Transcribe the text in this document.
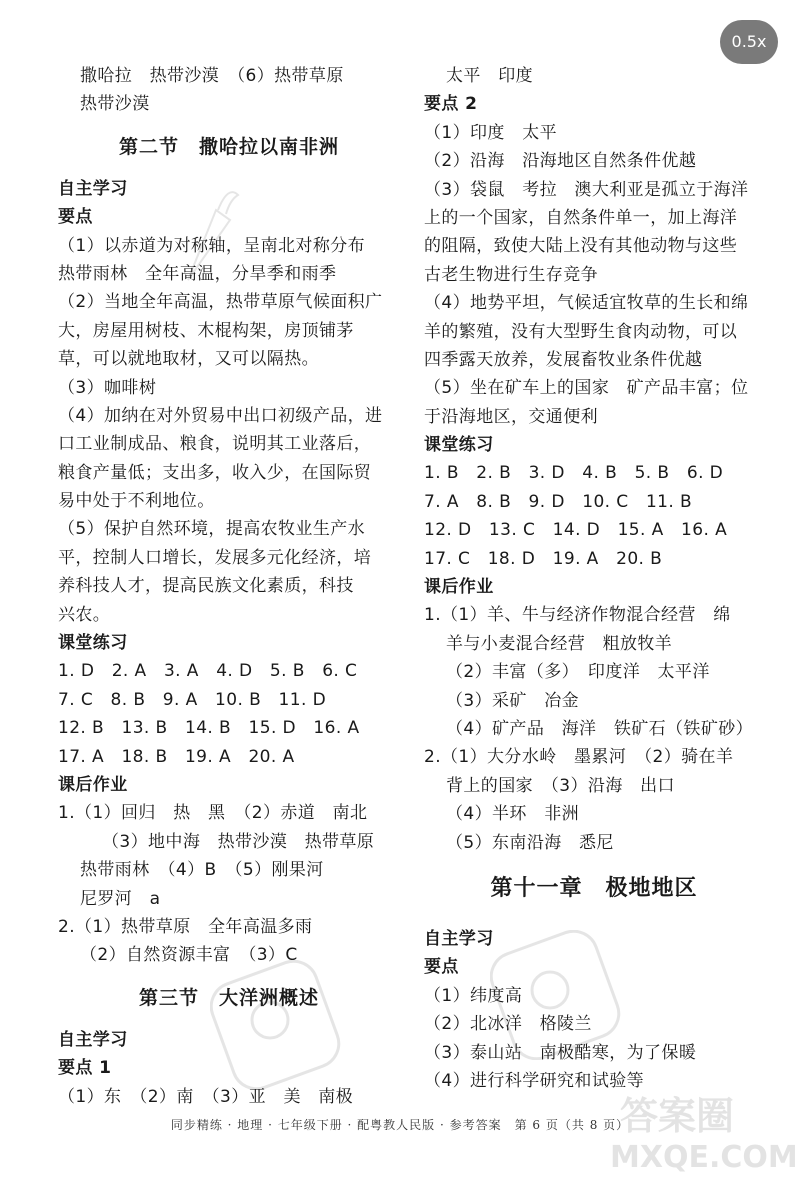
0.5x
撒哈拉　热带沙漠　（6）热带草原
热带沙漠
第二节　撒哈拉以南非洲
自主学习
要点
（1）以赤道为对称轴，呈南北对称分布
热带雨林　全年高温，分旱季和雨季
（2）当地全年高温，热带草原气候面积广
大，房屋用树枝、木棍构架，房顶铺茅
草，可以就地取材，又可以隔热。
（3）咖啡树
（4）加纳在对外贸易中出口初级产品，进
口工业制成品、粮食，说明其工业落后，
粮食产量低；支出多，收入少，在国际贸
易中处于不利地位。
（5）保护自然环境，提高农牧业生产水
平，控制人口增长，发展多元化经济，培
养科技人才，提高民族文化素质，科技
兴农。
课堂练习
1. D　2. A　3. A　4. D　5. B　6. C
7. C　8. B　9. A　10. B　11. D
12. B　13. B　14. B　15. D　16. A
17. A　18. B　19. A　20. A
课后作业
1.（1）回归　热　黑　（2）赤道　南北
（3）地中海　热带沙漠　热带草原
热带雨林　（4）B　（5）刚果河
尼罗河　a
2.（1）热带草原　全年高温多雨
（2）自然资源丰富　（3）C
第三节　大洋洲概述
自主学习
要点 1
（1）东　（2）南　（3）亚　美　南极
太平　印度
要点 2
（1）印度　太平
（2）沿海　沿海地区自然条件优越
（3）袋鼠　考拉　澳大利亚是孤立于海洋
上的一个国家，自然条件单一，加上海洋
的阻隔，致使大陆上没有其他动物与这些
古老生物进行生存竞争
（4）地势平坦，气候适宜牧草的生长和绵
羊的繁殖，没有大型野生食肉动物，可以
四季露天放养，发展畜牧业条件优越
（5）坐在矿车上的国家　矿产品丰富；位
于沿海地区，交通便利
课堂练习
1. B　2. B　3. D　4. B　5. B　6. D
7. A　8. B　9. D　10. C　11. B
12. D　13. C　14. D　15. A　16. A
17. C　18. D　19. A　20. B
课后作业
1.（1）羊、牛与经济作物混合经营　绵
羊与小麦混合经营　粗放牧羊
（2）丰富（多）　印度洋　太平洋
（3）采矿　冶金
（4）矿产品　海洋　铁矿石（铁矿砂）
2.（1）大分水岭　墨累河　（2）骑在羊
背上的国家　（3）沿海　出口
（4）半环　非洲
（5）东南沿海　悉尼
第十一章　极地地区
自主学习
要点
（1）纬度高
（2）北冰洋　格陵兰
（3）泰山站　南极酷寒，为了保暖
（4）进行科学研究和试验等
同步精练 · 地理 · 七年级下册 · 配粤教人民版 · 参考答案　第 6 页（共 8 页）
答案圈
MXQE.COM
